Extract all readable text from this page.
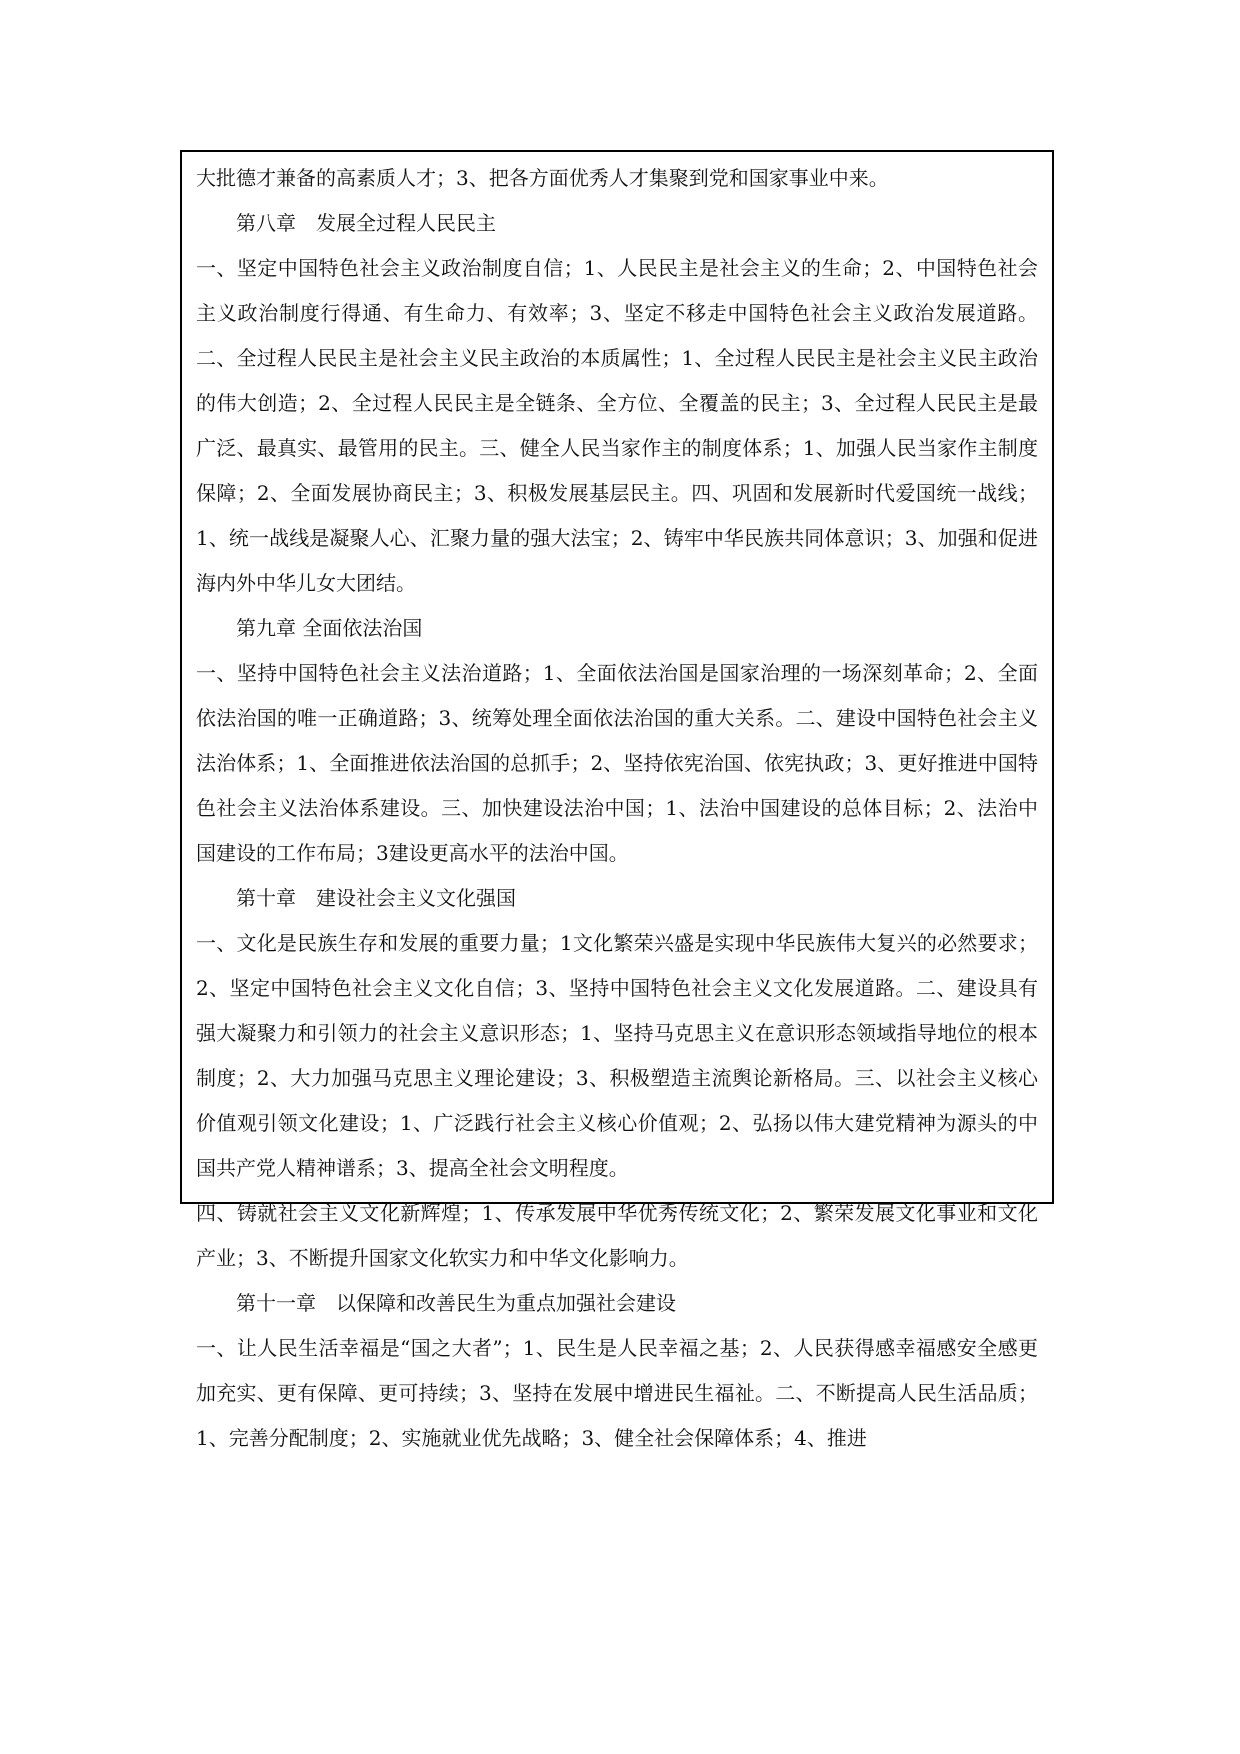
大批德才兼备的高素质人才；3、把各方面优秀人才集聚到党和国家事业中来。

第八章　发展全过程人民民主

一、坚定中国特色社会主义政治制度自信；1、人民民主是社会主义的生命；2、中国特色社会主义政治制度行得通、有生命力、有效率；3、坚定不移走中国特色社会主义政治发展道路。二、全过程人民民主是社会主义民主政治的本质属性；1、全过程人民民主是社会主义民主政治的伟大创造；2、全过程人民民主是全链条、全方位、全覆盖的民主；3、全过程人民民主是最广泛、最真实、最管用的民主。三、健全人民当家作主的制度体系；1、加强人民当家作主制度保障；2、全面发展协商民主；3、积极发展基层民主。四、巩固和发展新时代爱国统一战线；1、统一战线是凝聚人心、汇聚力量的强大法宝；2、铸牢中华民族共同体意识；3、加强和促进海内外中华儿女大团结。

第九章 全面依法治国

一、坚持中国特色社会主义法治道路；1、全面依法治国是国家治理的一场深刻革命；2、全面依法治国的唯一正确道路；3、统筹处理全面依法治国的重大关系。二、建设中国特色社会主义法治体系；1、全面推进依法治国的总抓手；2、坚持依宪治国、依宪执政；3、更好推进中国特色社会主义法治体系建设。三、加快建设法治中国；1、法治中国建设的总体目标；2、法治中国建设的工作布局；3建设更高水平的法治中国。

第十章　建设社会主义文化强国

一、文化是民族生存和发展的重要力量；1文化繁荣兴盛是实现中华民族伟大复兴的必然要求；2、坚定中国特色社会主义文化自信；3、坚持中国特色社会主义文化发展道路。二、建设具有强大凝聚力和引领力的社会主义意识形态；1、坚持马克思主义在意识形态领域指导地位的根本制度；2、大力加强马克思主义理论建设；3、积极塑造主流舆论新格局。三、以社会主义核心价值观引领文化建设；1、广泛践行社会主义核心价值观；2、弘扬以伟大建党精神为源头的中国共产党人精神谱系；3、提高全社会文明程度。

四、铸就社会主义文化新辉煌；1、传承发展中华优秀传统文化；2、繁荣发展文化事业和文化产业；3、不断提升国家文化软实力和中华文化影响力。

第十一章　以保障和改善民生为重点加强社会建设

一、让人民生活幸福是“国之大者”；1、民生是人民幸福之基；2、人民获得感幸福感安全感更加充实、更有保障、更可持续；3、坚持在发展中增进民生福祉。二、不断提高人民生活品质；1、完善分配制度；2、实施就业优先战略；3、健全社会保障体系；4、推进
